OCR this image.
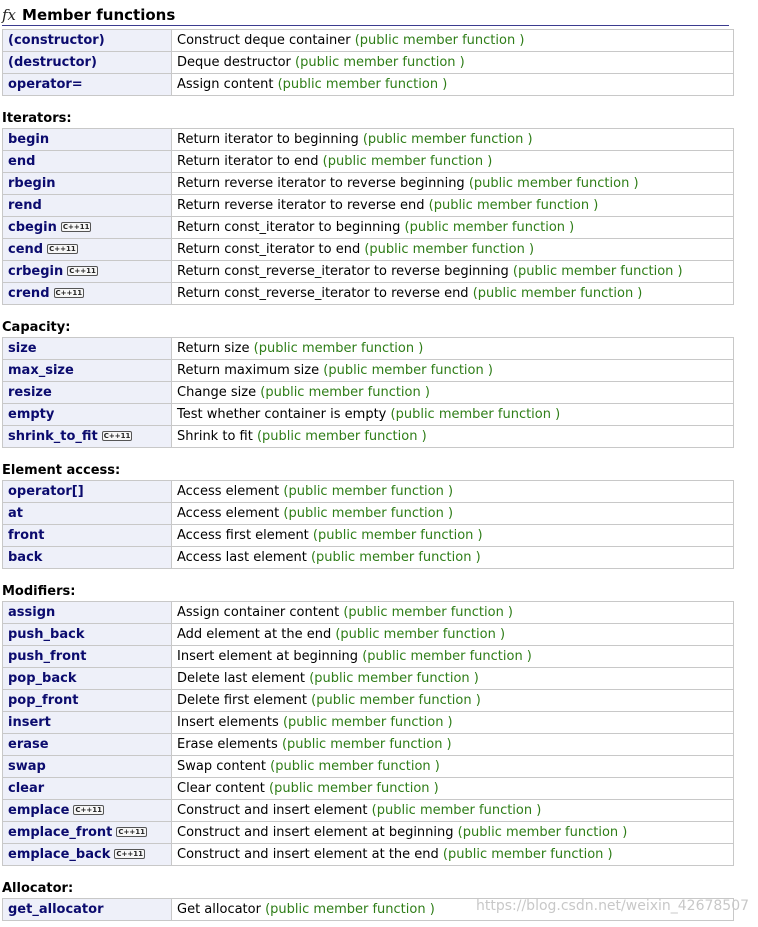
fx Member functions
(constructor)	Construct deque container (public member function )
(destructor)	Deque destructor (public member function )
operator=	Assign content (public member function )
Iterators:
begin	Return iterator to beginning (public member function )
end	Return iterator to end (public member function )
rbegin	Return reverse iterator to reverse beginning (public member function )
rend	Return reverse iterator to reverse end (public member function )
cbegin C++11	Return const_iterator to beginning (public member function )
cend C++11	Return const_iterator to end (public member function )
crbegin C++11	Return const_reverse_iterator to reverse beginning (public member function )
crend C++11	Return const_reverse_iterator to reverse end (public member function )
Capacity:
size	Return size (public member function )
max_size	Return maximum size (public member function )
resize	Change size (public member function )
empty	Test whether container is empty (public member function )
shrink_to_fit C++11	Shrink to fit (public member function )
Element access:
operator[]	Access element (public member function )
at	Access element (public member function )
front	Access first element (public member function )
back	Access last element (public member function )
Modifiers:
assign	Assign container content (public member function )
push_back	Add element at the end (public member function )
push_front	Insert element at beginning (public member function )
pop_back	Delete last element (public member function )
pop_front	Delete first element (public member function )
insert	Insert elements (public member function )
erase	Erase elements (public member function )
swap	Swap content (public member function )
clear	Clear content (public member function )
emplace C++11	Construct and insert element (public member function )
emplace_front C++11	Construct and insert element at beginning (public member function )
emplace_back C++11	Construct and insert element at the end (public member function )
Allocator:
get_allocator	Get allocator (public member function )	https://blog.csdn.net/weixin_42678507
